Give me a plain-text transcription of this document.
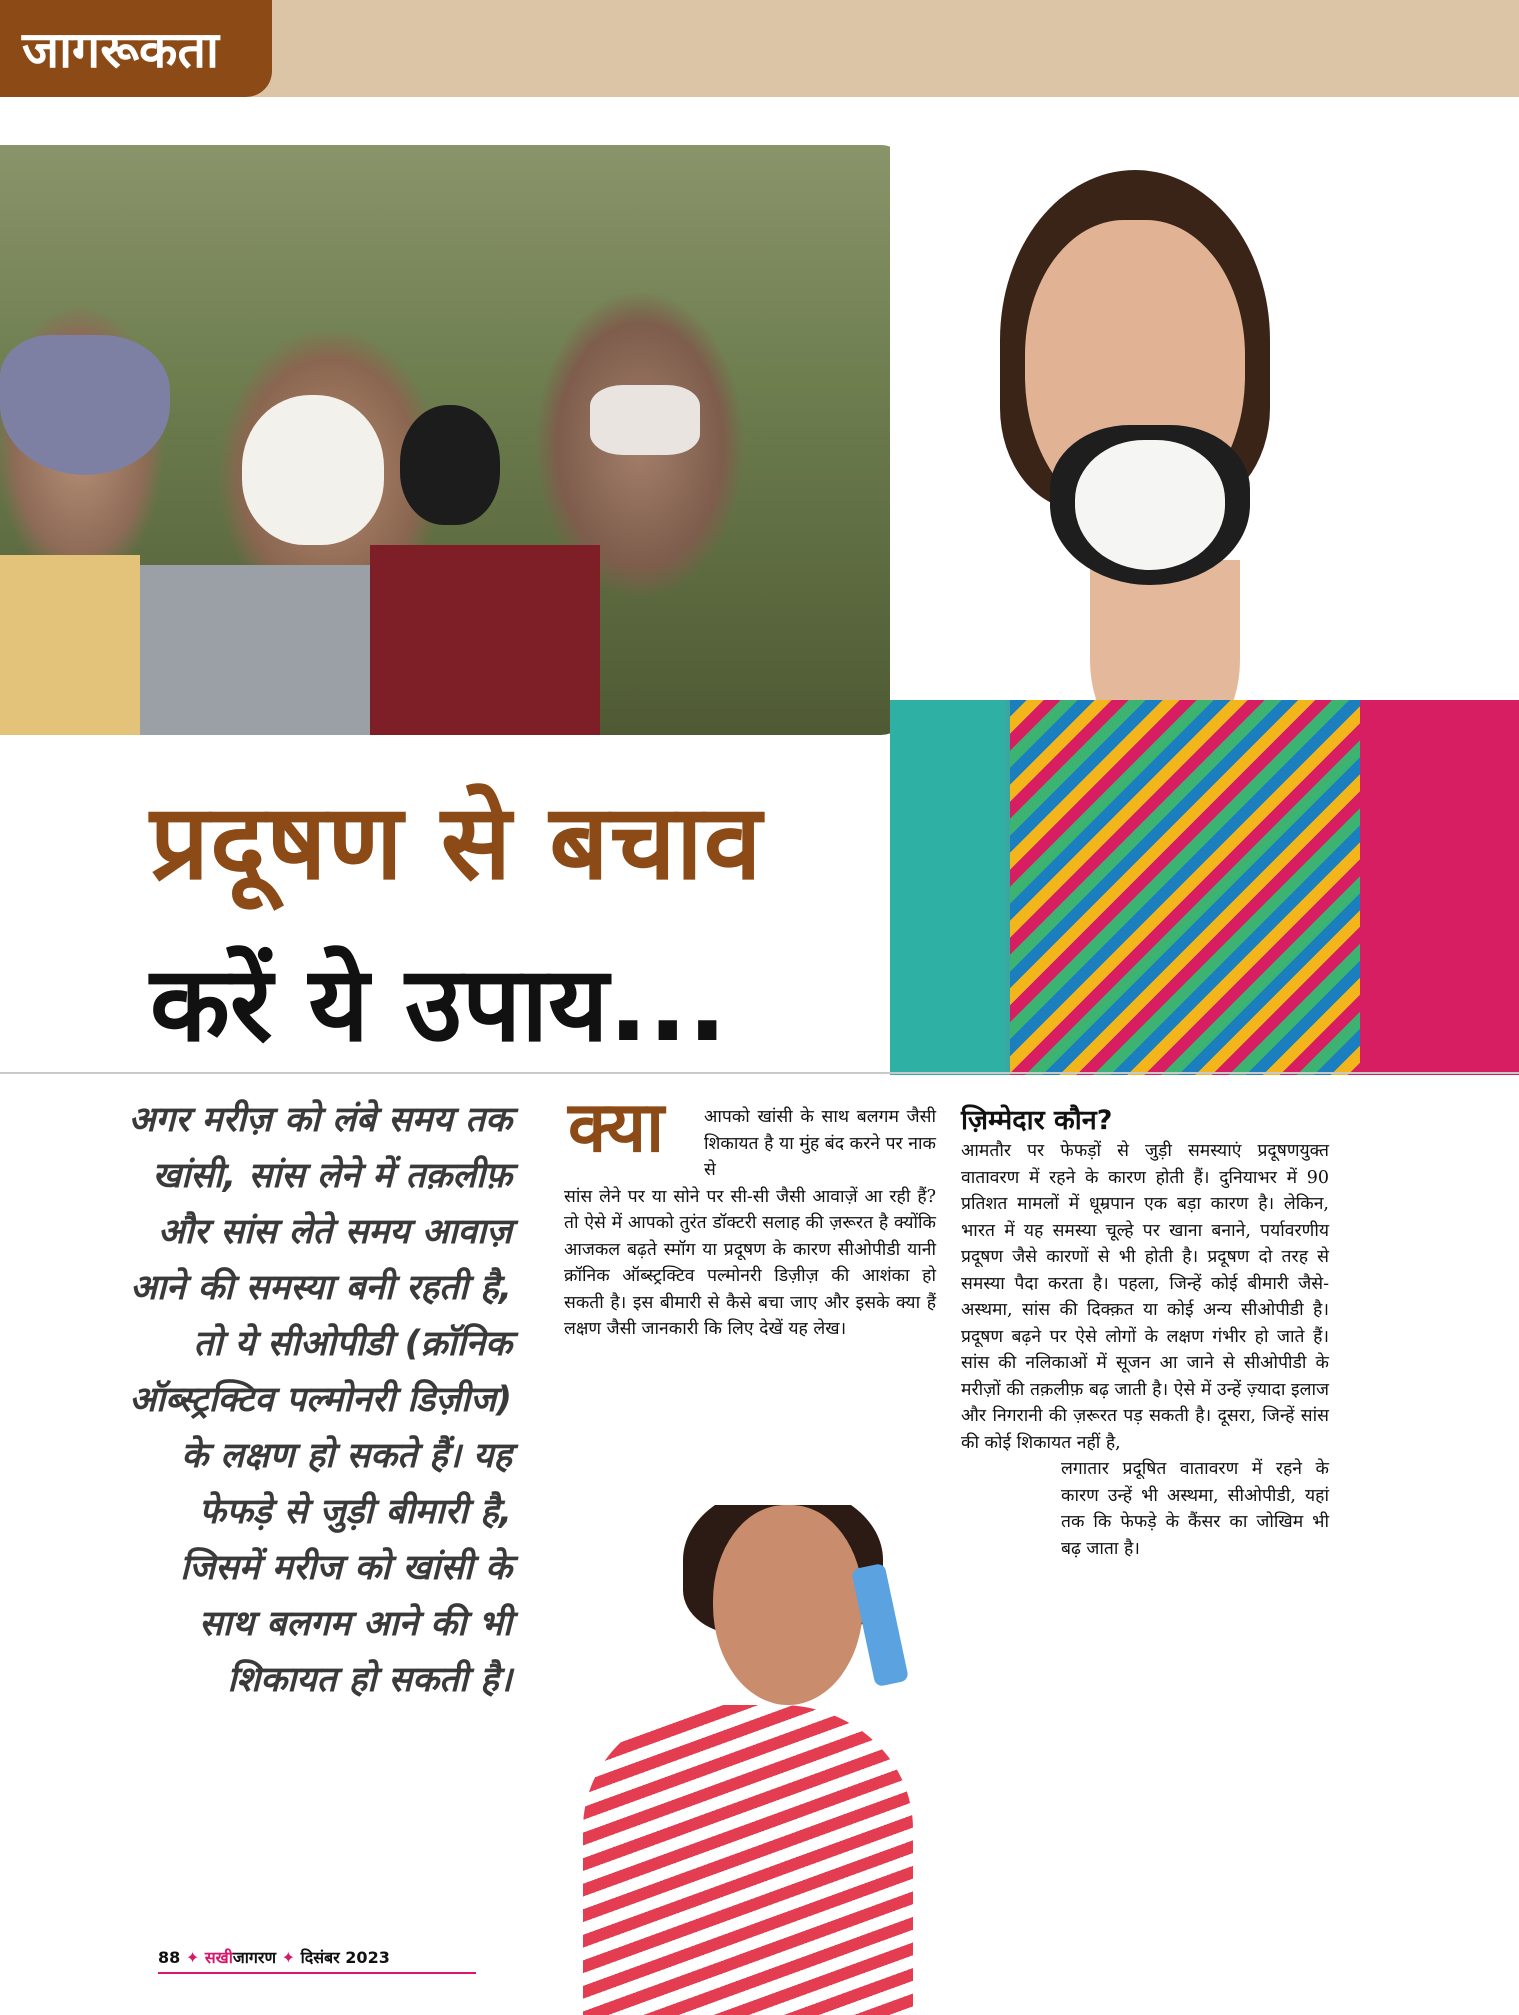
जागरूकता
प्रदूषण से बचाव
करें ये उपाय...
अगर मरीज़ को लंबे समय तक खांसी, सांस लेने में तक़लीफ़ और सांस लेते समय आवाज़ आने की समस्या बनी रहती है, तो ये सीओपीडी (क्रॉनिक ऑब्स्ट्रक्टिव पल्मोनरी डिज़ीज) के लक्षण हो सकते हैं। यह फेफड़े से जुड़ी बीमारी है, जिसमें मरीज को खांसी के साथ बलगम आने की भी शिकायत हो सकती है।
क्या	आपको खांसी के साथ बलगम जैसी शिकायत है या मुंह बंद करने पर नाक से
सांस लेने पर या सोने पर सी-सी जैसी आवाज़ें आ रही हैं? तो ऐसे में आपको तुरंत डॉक्टरी सलाह की ज़रूरत है क्योंकि आजकल बढ़ते स्मॉग या प्रदूषण के कारण सीओपीडी यानी क्रॉनिक ऑब्स्ट्रक्टिव पल्मोनरी डिज़ीज़ की आशंका हो सकती है। इस बीमारी से कैसे बचा जाए और इसके क्या हैं लक्षण जैसी जानकारी कि लिए देखें यह लेख।
ज़िम्मेदार कौन?
आमतौर पर फेफड़ों से जुड़ी समस्याएं प्रदूषणयुक्त वातावरण में रहने के कारण होती हैं। दुनियाभर में 90 प्रतिशत मामलों में धूम्रपान एक बड़ा कारण है। लेकिन, भारत में यह समस्या चूल्हे पर खाना बनाने, पर्यावरणीय प्रदूषण जैसे कारणों से भी होती है। प्रदूषण दो तरह से समस्या पैदा करता है। पहला, जिन्हें कोई बीमारी जैसे-अस्थमा, सांस की दिक्क़त या कोई अन्य सीओपीडी है। प्रदूषण बढ़ने पर ऐसे लोगों के लक्षण गंभीर हो जाते हैं। सांस की नलिकाओं में सूजन आ जाने से सीओपीडी के मरीज़ों की तक़लीफ़ बढ़ जाती है। ऐसे में उन्हें ज़्यादा इलाज और निगरानी की ज़रूरत पड़ सकती है। दूसरा, जिन्हें सांस की कोई शिकायत नहीं है,
लगातार प्रदूषित वातावरण में रहने के कारण उन्हें भी अस्थमा, सीओपीडी, यहां तक कि फेफड़े के कैंसर का जोखिम भी बढ़ जाता है।
88 ✦ सखीजागरण ✦ दिसंबर 2023
